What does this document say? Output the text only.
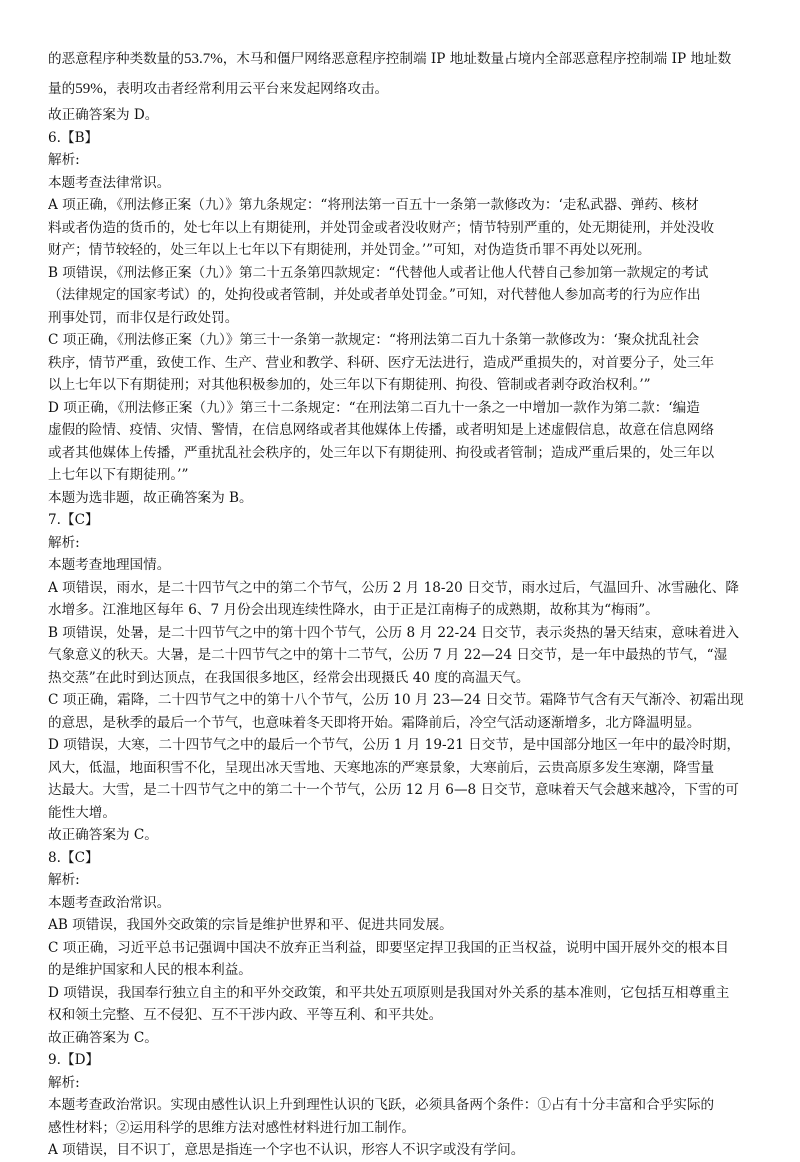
的恶意程序种类数量的53.7%，木马和僵尸网络恶意程序控制端 IP 地址数量占境内全部恶意程序控制端 IP 地址数
量的59%，表明攻击者经常利用云平台来发起网络攻击。
故正确答案为 D。
6.【B】
解析:
本题考查法律常识。
A 项正确，《刑法修正案（九）》第九条规定：“将刑法第一百五十一条第一款修改为：‘走私武器、弹药、核材
料或者伪造的货币的，处七年以上有期徒刑，并处罚金或者没收财产；情节特别严重的，处无期徒刑，并处没收
财产；情节较轻的，处三年以上七年以下有期徒刑，并处罚金。’”可知，对伪造货币罪不再处以死刑。
B 项错误，《刑法修正案（九）》第二十五条第四款规定：“代替他人或者让他人代替自己参加第一款规定的考试
（法律规定的国家考试）的，处拘役或者管制，并处或者单处罚金。”可知，对代替他人参加高考的行为应作出
刑事处罚，而非仅是行政处罚。
C 项正确，《刑法修正案（九）》第三十一条第一款规定：“将刑法第二百九十条第一款修改为：‘聚众扰乱社会
秩序，情节严重，致使工作、生产、营业和教学、科研、医疗无法进行，造成严重损失的，对首要分子，处三年
以上七年以下有期徒刑；对其他积极参加的，处三年以下有期徒刑、拘役、管制或者剥夺政治权利。’”
D 项正确，《刑法修正案（九）》第三十二条规定：“在刑法第二百九十一条之一中增加一款作为第二款：‘编造
虚假的险情、疫情、灾情、警情，在信息网络或者其他媒体上传播，或者明知是上述虚假信息，故意在信息网络
或者其他媒体上传播，严重扰乱社会秩序的，处三年以下有期徒刑、拘役或者管制；造成严重后果的，处三年以
上七年以下有期徒刑。’”
本题为选非题，故正确答案为 B。
7.【C】
解析:
本题考查地理国情。
A 项错误，雨水，是二十四节气之中的第二个节气，公历 2 月 18-20 日交节，雨水过后，气温回升、冰雪融化、降
水增多。江淮地区每年 6、7 月份会出现连续性降水，由于正是江南梅子的成熟期，故称其为“梅雨”。
B 项错误，处暑，是二十四节气之中的第十四个节气，公历 8 月 22-24 日交节，表示炎热的暑天结束，意味着进入
气象意义的秋天。大暑，是二十四节气之中的第十二节气，公历 7 月 22—24 日交节，是一年中最热的节气，“湿
热交蒸”在此时到达顶点，在我国很多地区，经常会出现摄氏 40 度的高温天气。
C 项正确，霜降，二十四节气之中的第十八个节气，公历 10 月 23—24 日交节。霜降节气含有天气渐冷、初霜出现
的意思，是秋季的最后一个节气，也意味着冬天即将开始。霜降前后，冷空气活动逐渐增多，北方降温明显。
D 项错误，大寒，二十四节气之中的最后一个节气，公历 1 月 19-21 日交节，是中国部分地区一年中的最冷时期，
风大，低温，地面积雪不化，呈现出冰天雪地、天寒地冻的严寒景象，大寒前后，云贵高原多发生寒潮，降雪量
达最大。大雪，是二十四节气之中的第二十一个节气，公历 12 月 6—8 日交节，意味着天气会越来越冷，下雪的可
能性大增。
故正确答案为 C。
8.【C】
解析:
本题考查政治常识。
AB 项错误，我国外交政策的宗旨是维护世界和平、促进共同发展。
C 项正确，习近平总书记强调中国决不放弃正当利益，即要坚定捍卫我国的正当权益，说明中国开展外交的根本目
的是维护国家和人民的根本利益。
D 项错误，我国奉行独立自主的和平外交政策，和平共处五项原则是我国对外关系的基本准则，它包括互相尊重主
权和领土完整、互不侵犯、互不干涉内政、平等互利、和平共处。
故正确答案为 C。
9.【D】
解析:
本题考查政治常识。实现由感性认识上升到理性认识的飞跃，必须具备两个条件：①占有十分丰富和合乎实际的
感性材料；②运用科学的思维方法对感性材料进行加工制作。
A 项错误，目不识丁，意思是指连一个字也不认识，形容人不识字或没有学问。
